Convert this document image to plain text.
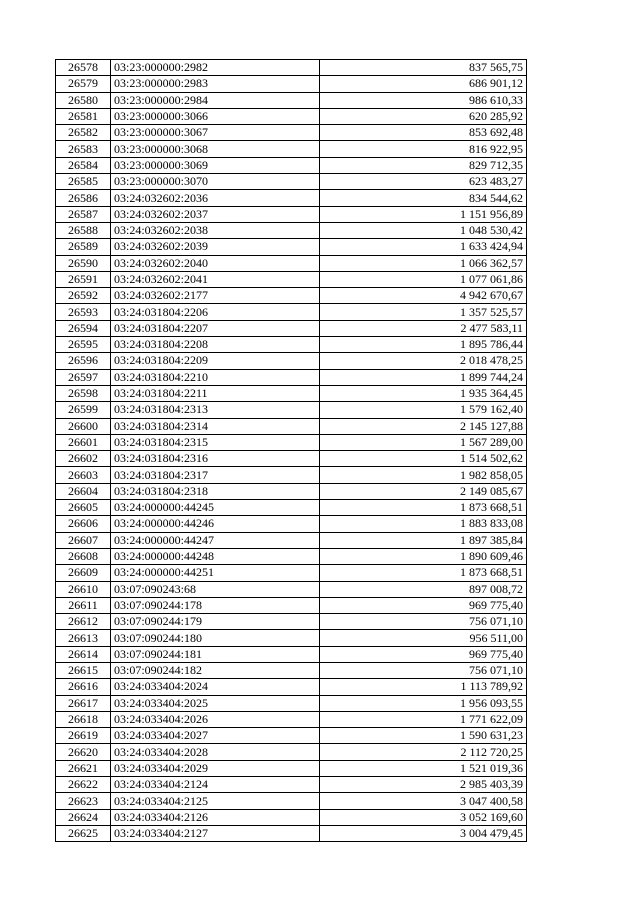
26578	03:23:000000:2982	837 565,75
26579	03:23:000000:2983	686 901,12
26580	03:23:000000:2984	986 610,33
26581	03:23:000000:3066	620 285,92
26582	03:23:000000:3067	853 692,48
26583	03:23:000000:3068	816 922,95
26584	03:23:000000:3069	829 712,35
26585	03:23:000000:3070	623 483,27
26586	03:24:032602:2036	834 544,62
26587	03:24:032602:2037	1 151 956,89
26588	03:24:032602:2038	1 048 530,42
26589	03:24:032602:2039	1 633 424,94
26590	03:24:032602:2040	1 066 362,57
26591	03:24:032602:2041	1 077 061,86
26592	03:24:032602:2177	4 942 670,67
26593	03:24:031804:2206	1 357 525,57
26594	03:24:031804:2207	2 477 583,11
26595	03:24:031804:2208	1 895 786,44
26596	03:24:031804:2209	2 018 478,25
26597	03:24:031804:2210	1 899 744,24
26598	03:24:031804:2211	1 935 364,45
26599	03:24:031804:2313	1 579 162,40
26600	03:24:031804:2314	2 145 127,88
26601	03:24:031804:2315	1 567 289,00
26602	03:24:031804:2316	1 514 502,62
26603	03:24:031804:2317	1 982 858,05
26604	03:24:031804:2318	2 149 085,67
26605	03:24:000000:44245	1 873 668,51
26606	03:24:000000:44246	1 883 833,08
26607	03:24:000000:44247	1 897 385,84
26608	03:24:000000:44248	1 890 609,46
26609	03:24:000000:44251	1 873 668,51
26610	03:07:090243:68	897 008,72
26611	03:07:090244:178	969 775,40
26612	03:07:090244:179	756 071,10
26613	03:07:090244:180	956 511,00
26614	03:07:090244:181	969 775,40
26615	03:07:090244:182	756 071,10
26616	03:24:033404:2024	1 113 789,92
26617	03:24:033404:2025	1 956 093,55
26618	03:24:033404:2026	1 771 622,09
26619	03:24:033404:2027	1 590 631,23
26620	03:24:033404:2028	2 112 720,25
26621	03:24:033404:2029	1 521 019,36
26622	03:24:033404:2124	2 985 403,39
26623	03:24:033404:2125	3 047 400,58
26624	03:24:033404:2126	3 052 169,60
26625	03:24:033404:2127	3 004 479,45
